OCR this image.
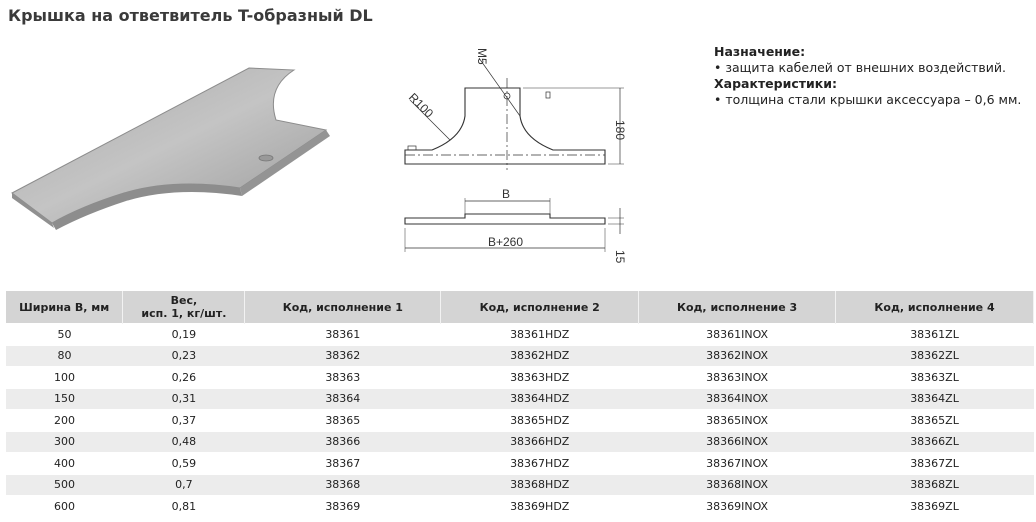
Крышка на ответвитель T-образный DL
R100
M5
180
B
B+260
15
Назначение:
• защита кабелей от внешних воздействий.
Характеристики:
• толщина стали крышки аксессуара – 0,6 мм.
Ширина B, мм	Вес,
исп. 1, кг/шт.	Код, исполнение 1	Код, исполнение 2	Код, исполнение 3	Код, исполнение 4
50	0,19	38361	38361HDZ	38361INOX	38361ZL
80	0,23	38362	38362HDZ	38362INOX	38362ZL
100	0,26	38363	38363HDZ	38363INOX	38363ZL
150	0,31	38364	38364HDZ	38364INOX	38364ZL
200	0,37	38365	38365HDZ	38365INOX	38365ZL
300	0,48	38366	38366HDZ	38366INOX	38366ZL
400	0,59	38367	38367HDZ	38367INOX	38367ZL
500	0,7	38368	38368HDZ	38368INOX	38368ZL
600	0,81	38369	38369HDZ	38369INOX	38369ZL
